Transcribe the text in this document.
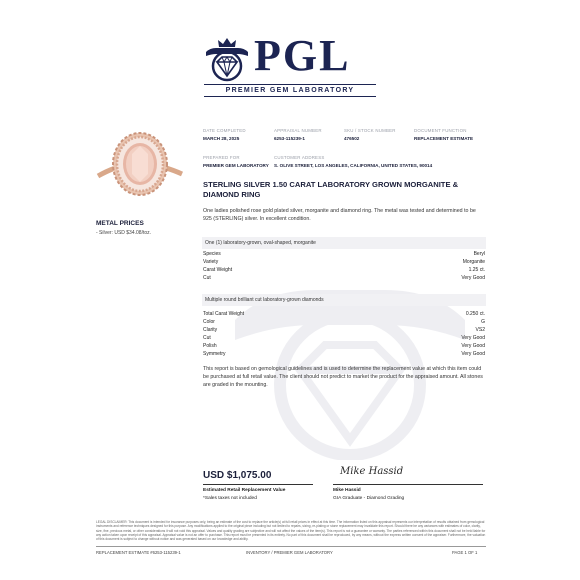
PGL
PREMIER GEM LABORATORY
METAL PRICES
- Silver: USD $34.08/toz.
DATE COMPLETED
MARCH 28, 2025
APPRAISAL NUMBER
6253-115239-1
SKU / STOCK NUMBER
476502
DOCUMENT FUNCTION
REPLACEMENT ESTIMATE
PREPARED FOR
PREMIER GEM LABORATORY
CUSTOMER ADDRESS
S. OLIVE STREET, LOS ANGELES, CALIFORNIA, UNITED STATES, 90014
STERLING SILVER 1.50 CARAT LABORATORY GROWN MORGANITE & DIAMOND RING
One ladies polished rose gold plated silver, morganite and diamond ring. The metal was tested and determined to be 925 (STERLING) silver. In excellent condition.
One (1) laboratory-grown, oval-shaped, morganite
Species	Beryl
Variety	Morganite
Carat Weight	1.25 ct.
Cut	Very Good
Multiple round brilliant cut laboratory-grown diamonds
Total Carat Weight	0.250 ct.
Color	G
Clarity	VS2
Cut	Very Good
Polish	Very Good
Symmetry	Very Good
This report is based on gemological guidelines and is used to determine the replacement value at which this item could be purchased at full retail value. The client should not predict to market the product for the appraised amount. All stones are graded in the mounting.
USD $1,075.00
Estimated Retail Replacement Value
*Sales taxes not included
Mike Hassid
Mike Hassid
GIA Graduate - Diamond Grading
LEGAL DISCLAIMER: This document is intended for insurance purposes only, being an estimate of the cost to replace the article(s) at full retail prices in effect at this time. The information listed on this appraisal represents our interpretation of results obtained from gemological instruments and reference techniques designed for this purpose. Any modifications applied to the original piece including but not limited to repairs, sizing, re-plating or stone replacement may invalidate this report. Should there be any variances with estimates of color, clarity, size, fine, precious metal, or other considerations it will not void this appraisal. Values and quality grading are subjective and will not affect the values of the item(s). This report is not a guarantee or warranty. The parties referenced within this document shall not be held liable for any action taken upon receipt of this appraisal. Appraisal value is not an offer to purchase. This report must be presented in its entirety. No part of this document shall be reproduced, by any means, without the express written consent of the appraiser. Furthermore, the valuation of this document is subject to change without notice and was generated based on our knowledge and ability.
REPLACEMENT ESTIMATE #6253-115239-1	INVENTORY / PREMIER GEM LABORATORY	PAGE 1 OF 1
